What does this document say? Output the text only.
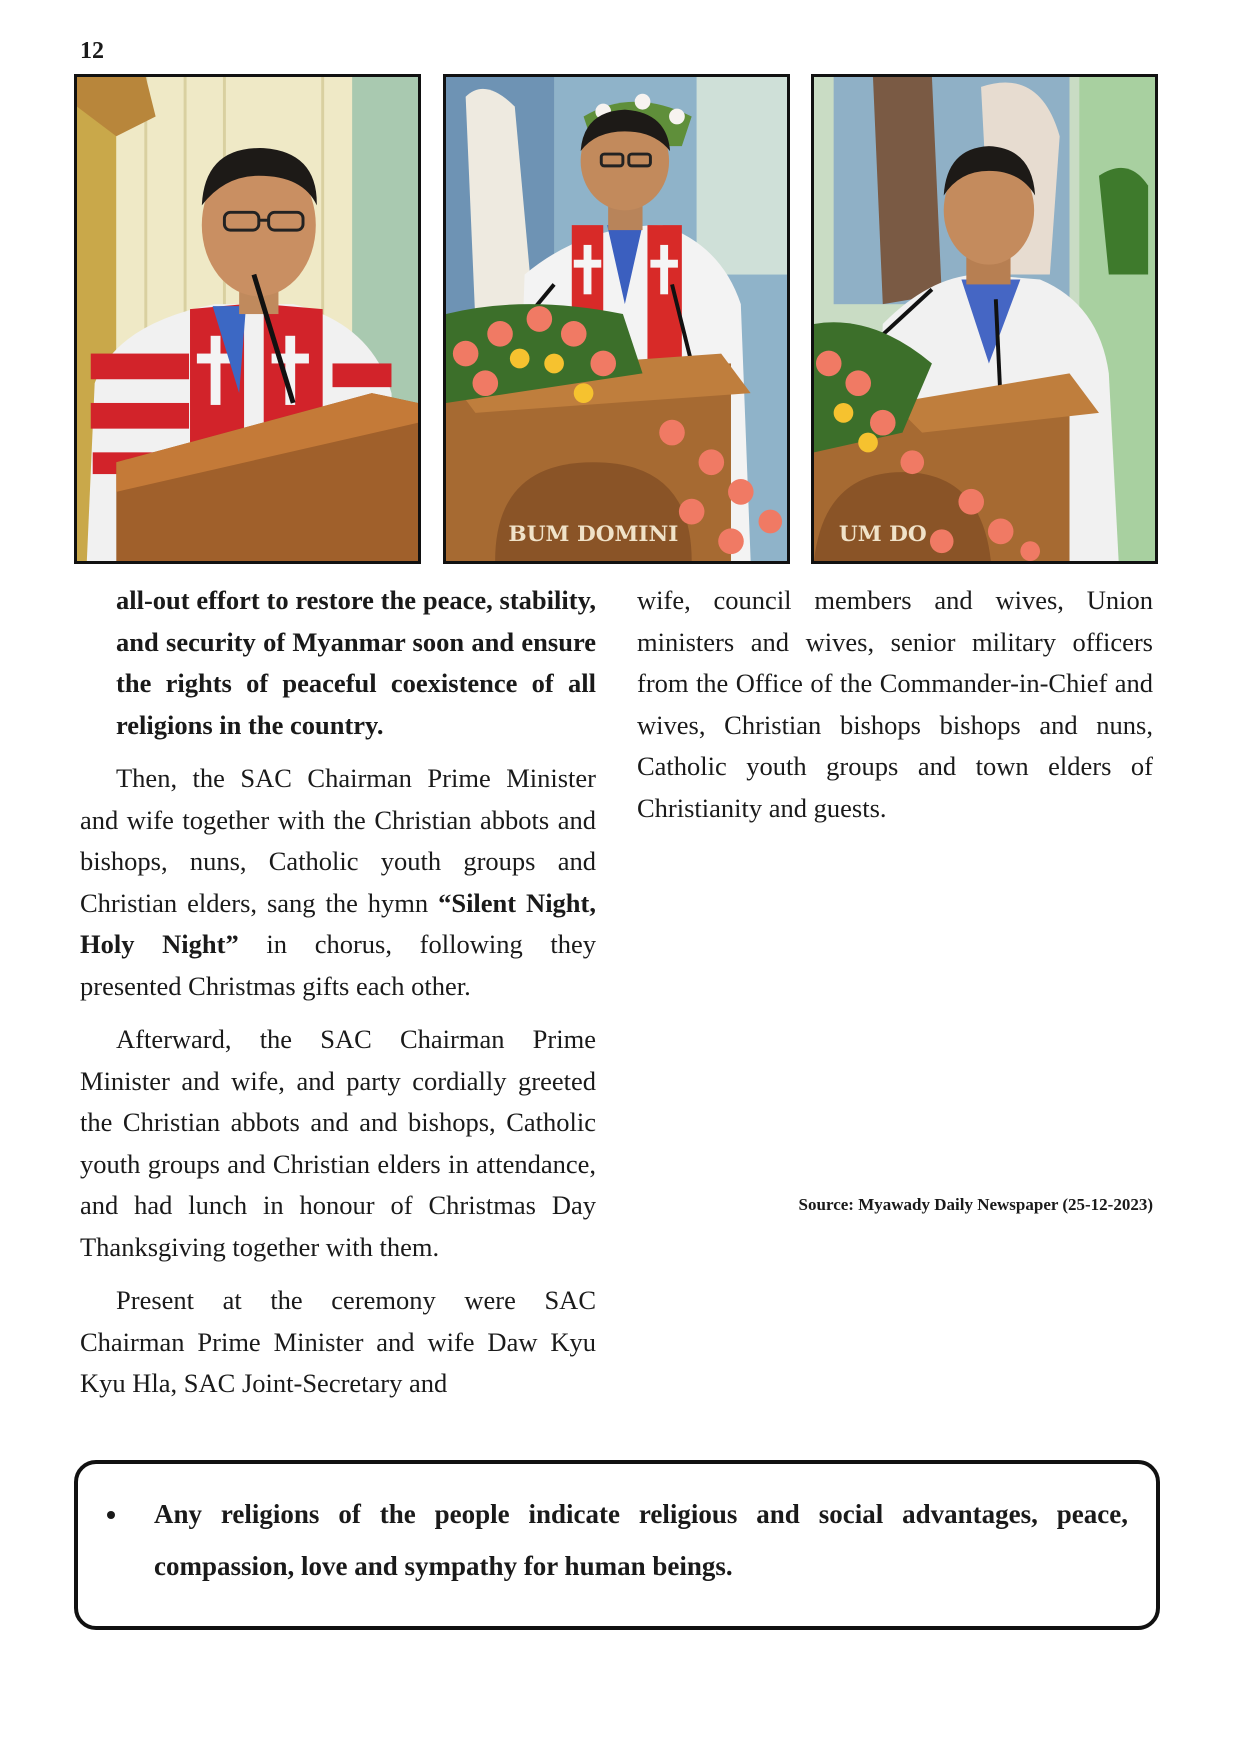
12
BUM DOMINI	UM DO

all-out effort to restore the peace, stability, and security of Myanmar soon and ensure the rights of peaceful coexistence of all religions in the country.

Then, the SAC Chairman Prime Minister and wife together with the Christian abbots and bishops, nuns, Catholic youth groups and Christian elders, sang the hymn “Silent Night, Holy Night” in chorus, following they presented Christmas gifts each other.

Afterward, the SAC Chairman Prime Minister and wife, and party cordially greeted the Christian abbots and and bishops, Catholic youth groups and Christian elders in attendance, and had lunch in honour of Christmas Day Thanksgiving together with them.

Present at the ceremony were SAC Chairman Prime Minister and wife Daw Kyu Kyu Hla, SAC Joint-Secretary and

wife, council members and wives, Union ministers and wives, senior military officers from the Office of the Commander-in-Chief and wives, Christian bishops bishops and nuns, Catholic youth groups and town elders of Christianity and guests.

Source: Myawady Daily Newspaper (25-12-2023)
• Any religions of the people indicate religious and social advantages, peace, compassion, love and sympathy for human beings.
